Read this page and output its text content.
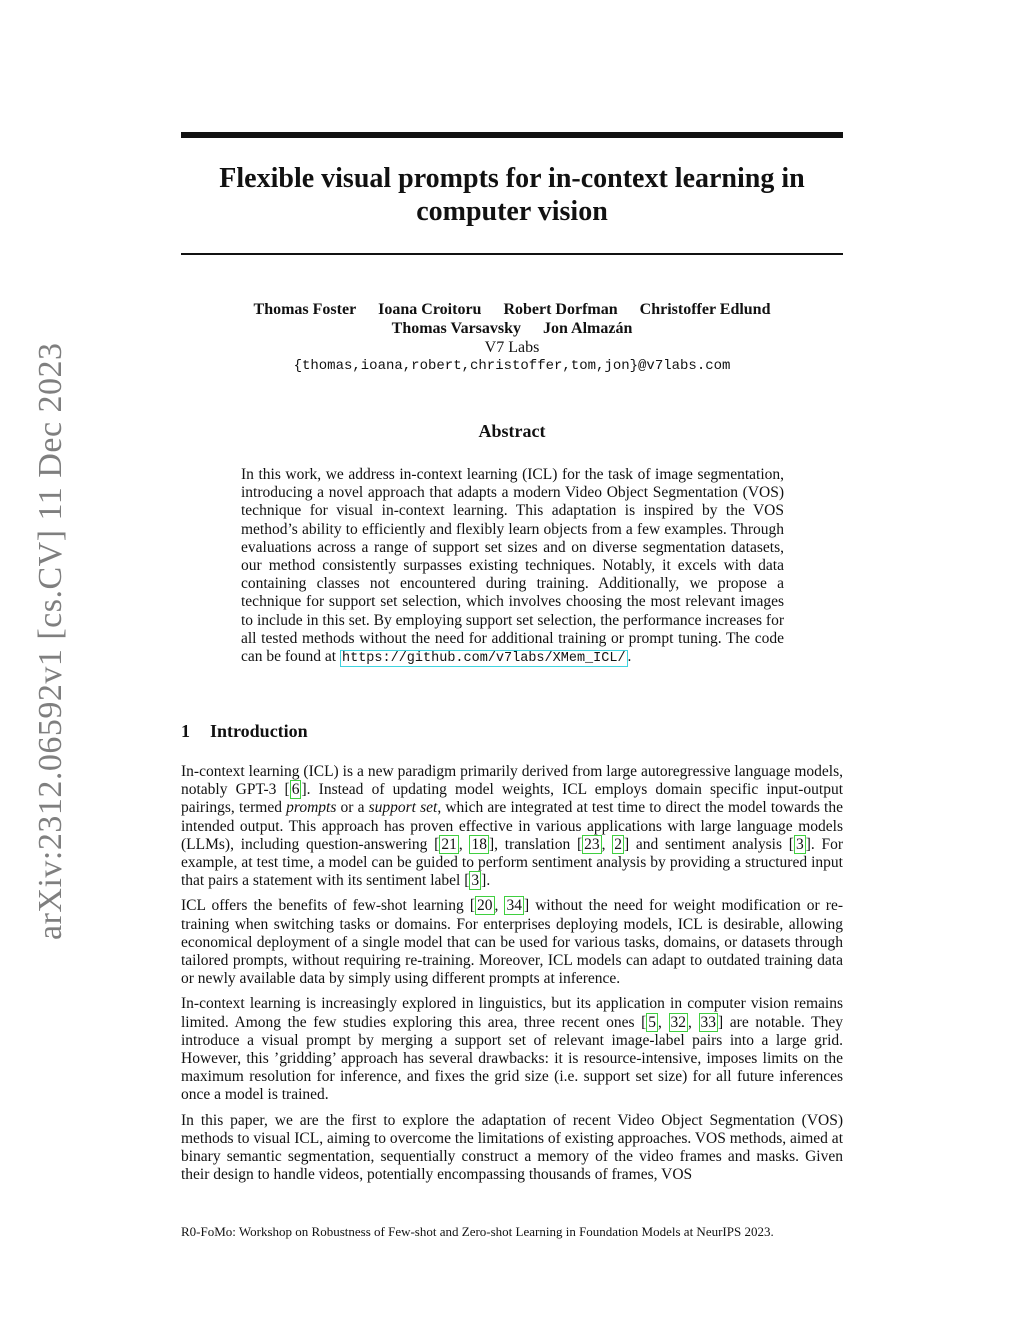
arXiv:2312.06592v1 [cs.CV] 11 Dec 2023
Flexible visual prompts for in-context learning in
computer vision
Thomas Foster Ioana Croitoru Robert Dorfman Christoffer Edlund
Thomas Varsavsky Jon Almazán
V7 Labs
{thomas,ioana,robert,christoffer,tom,jon}@v7labs.com
Abstract

In this work, we address in-context learning (ICL) for the task of image segmentation, introducing a novel approach that adapts a modern Video Object Segmentation (VOS) technique for visual in-context learning. This adaptation is inspired by the VOS method’s ability to efficiently and flexibly learn objects from a few examples. Through evaluations across a range of support set sizes and on diverse segmentation datasets, our method consistently surpasses existing techniques. Notably, it excels with data containing classes not encountered during training. Additionally, we propose a technique for support set selection, which involves choosing the most relevant images to include in this set. By employing support set selection, the performance increases for all tested methods without the need for additional training or prompt tuning. The code can be found at https://github.com/v7labs/XMem_ICL/ .

1 Introduction

In-context learning (ICL) is a new paradigm primarily derived from large autoregressive language models, notably GPT-3 [ 6 ]. Instead of updating model weights, ICL employs domain specific input-output pairings, termed prompts or a support set, which are integrated at test time to direct the model towards the intended output. This approach has proven effective in various applications with large language models (LLMs), including question-answering [ 21 , 18 ], translation [ 23 , 2 ] and sentiment analysis [ 3 ]. For example, at test time, a model can be guided to perform sentiment analysis by providing a structured input that pairs a statement with its sentiment label [ 3 ].

ICL offers the benefits of few-shot learning [ 20 , 34 ] without the need for weight modification or re-training when switching tasks or domains. For enterprises deploying models, ICL is desirable, allowing economical deployment of a single model that can be used for various tasks, domains, or datasets through tailored prompts, without requiring re-training. Moreover, ICL models can adapt to outdated training data or newly available data by simply using different prompts at inference.

In-context learning is increasingly explored in linguistics, but its application in computer vision remains limited. Among the few studies exploring this area, three recent ones [ 5 , 32 , 33 ] are notable. They introduce a visual prompt by merging a support set of relevant image-label pairs into a large grid. However, this ’gridding’ approach has several drawbacks: it is resource-intensive, imposes limits on the maximum resolution for inference, and fixes the grid size (i.e. support set size) for all future inferences once a model is trained.

In this paper, we are the first to explore the adaptation of recent Video Object Segmentation (VOS) methods to visual ICL, aiming to overcome the limitations of existing approaches. VOS methods, aimed at binary semantic segmentation, sequentially construct a memory of the video frames and masks. Given their design to handle videos, potentially encompassing thousands of frames, VOS

R0-FoMo: Workshop on Robustness of Few-shot and Zero-shot Learning in Foundation Models at NeurIPS 2023.
